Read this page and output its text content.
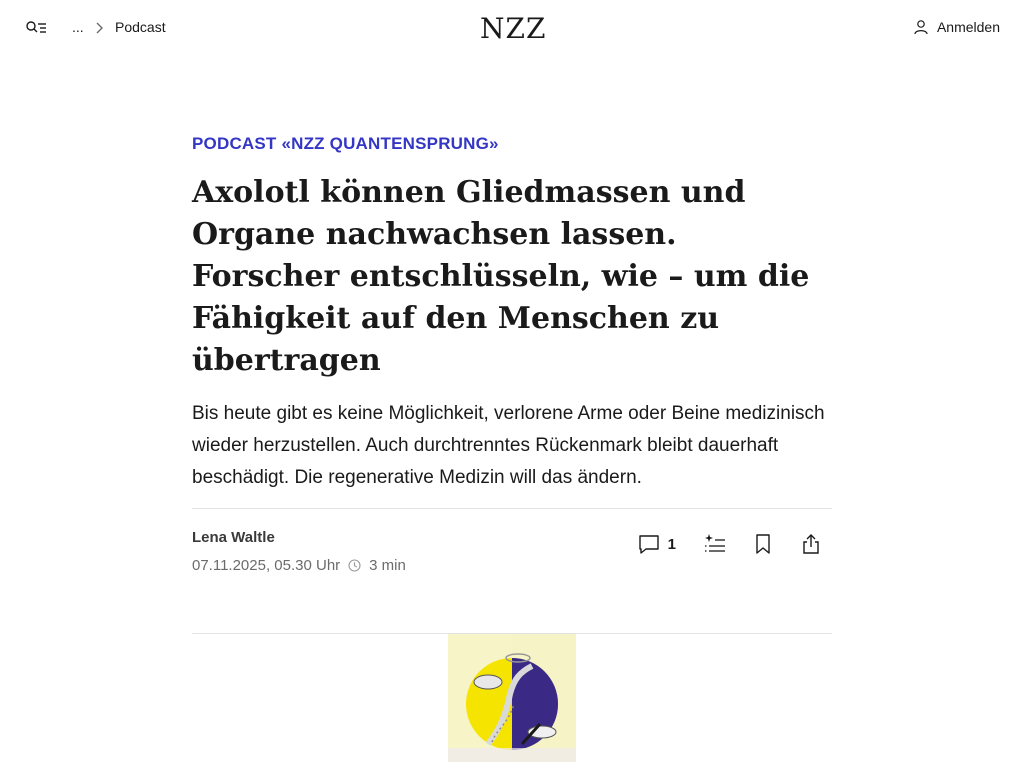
... Podcast	NZZ	Anmelden

PODCAST «NZZ QUANTENSPRUNG»

Axolotl können Gliedmassen und Organe nachwachsen lassen. Forscher entschlüsseln, wie – um die Fähigkeit auf den Menschen zu übertragen

Bis heute gibt es keine Möglichkeit, verlorene Arme oder Beine medizinisch wieder herzustellen. Auch durchtrenntes Rückenmark bleibt dauerhaft beschädigt. Die regenerative Medizin will das ändern.

Lena Waltle
07.11.2025, 05.30 Uhr 3 min
1
